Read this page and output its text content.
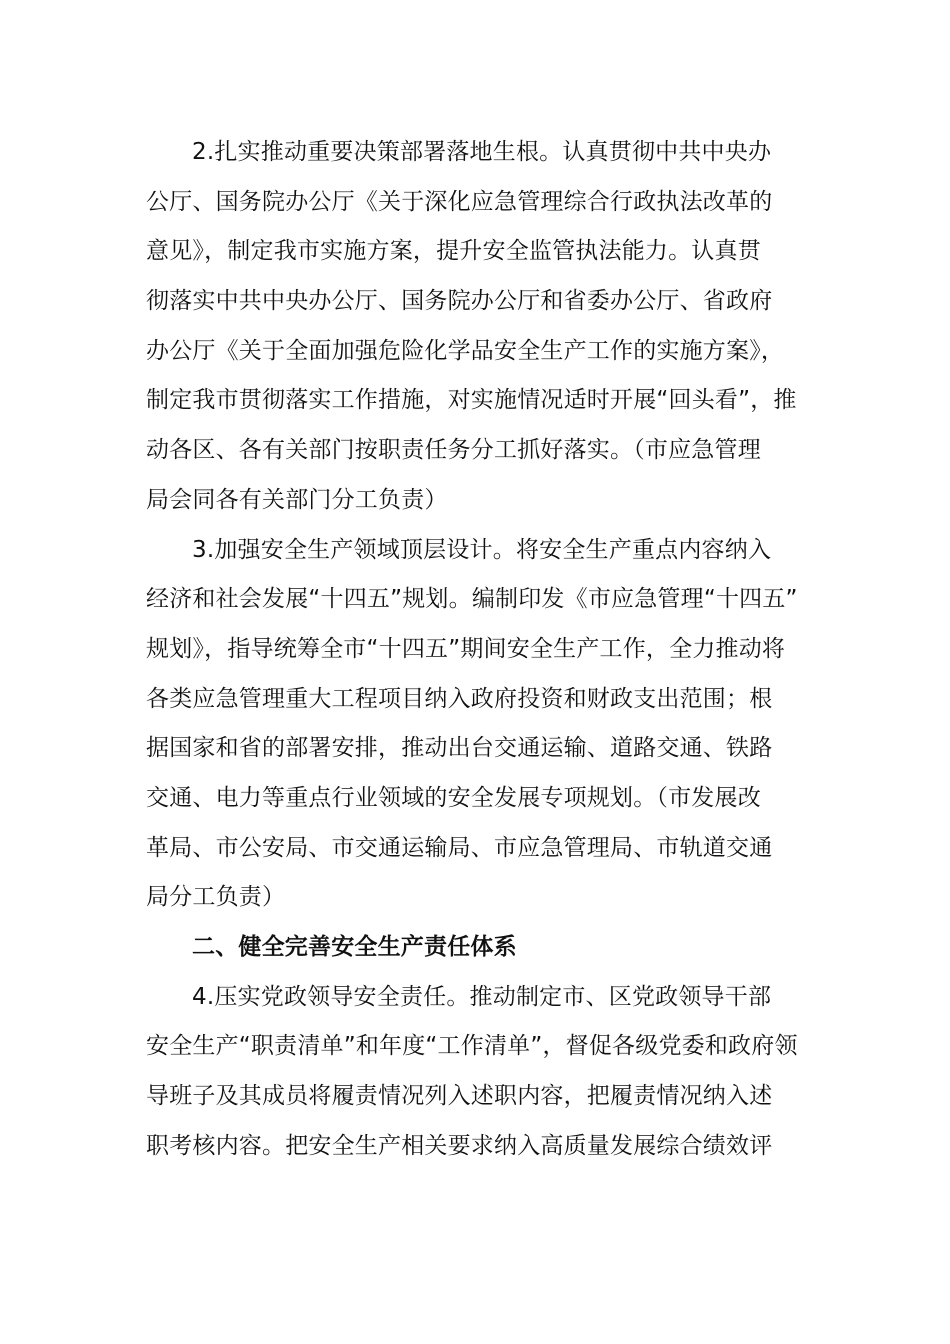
2.扎实推动重要决策部署落地生根。认真贯彻中共中央办
公厅、国务院办公厅《关于深化应急管理综合行政执法改革的
意见》，制定我市实施方案，提升安全监管执法能力。认真贯
彻落实中共中央办公厅、国务院办公厅和省委办公厅、省政府
办公厅《关于全面加强危险化学品安全生产工作的实施方案》，
制定我市贯彻落实工作措施，对实施情况适时开展“回头看”，推
动各区、各有关部门按职责任务分工抓好落实。（市应急管理
局会同各有关部门分工负责）
3.加强安全生产领域顶层设计。将安全生产重点内容纳入
经济和社会发展“十四五”规划。编制印发《市应急管理“十四五”
规划》，指导统筹全市“十四五”期间安全生产工作，全力推动将
各类应急管理重大工程项目纳入政府投资和财政支出范围；根
据国家和省的部署安排，推动出台交通运输、道路交通、铁路
交通、电力等重点行业领域的安全发展专项规划。（市发展改
革局、市公安局、市交通运输局、市应急管理局、市轨道交通
局分工负责）
二、健全完善安全生产责任体系
4.压实党政领导安全责任。推动制定市、区党政领导干部
安全生产“职责清单”和年度“工作清单”，督促各级党委和政府领
导班子及其成员将履责情况列入述职内容，把履责情况纳入述
职考核内容。把安全生产相关要求纳入高质量发展综合绩效评
